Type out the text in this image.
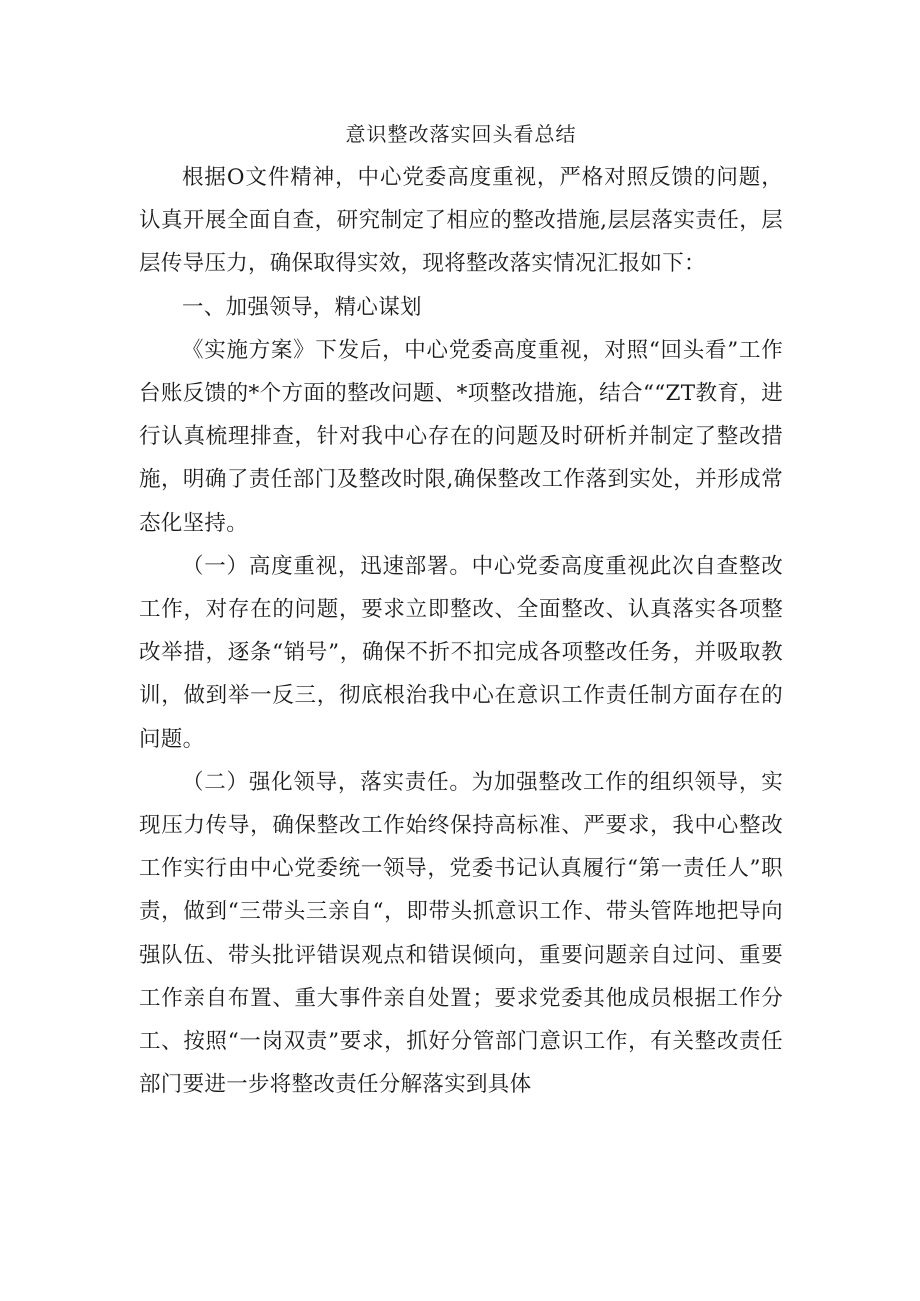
意识整改落实回头看总结

根据O文件精神，中心党委高度重视，严格对照反馈的问题，认真开展全面自查，研究制定了相应的整改措施,层层落实责任，层层传导压力，确保取得实效，现将整改落实情况汇报如下：

一、加强领导，精心谋划

《实施方案》下发后，中心党委高度重视，对照“回头看”工作台账反馈的*个方面的整改问题、*项整改措施，结合““ZT教育，进行认真梳理排查，针对我中心存在的问题及时研析并制定了整改措施，明确了责任部门及整改时限,确保整改工作落到实处，并形成常态化坚持。

（一）高度重视，迅速部署。中心党委高度重视此次自查整改工作，对存在的问题，要求立即整改、全面整改、认真落实各项整改举措，逐条“销号”，确保不折不扣完成各项整改任务，并吸取教训，做到举一反三，彻底根治我中心在意识工作责任制方面存在的问题。

（二）强化领导，落实责任。为加强整改工作的组织领导，实现压力传导，确保整改工作始终保持高标准、严要求，我中心整改工作实行由中心党委统一领导，党委书记认真履行“第一责任人”职责，做到“三带头三亲自“，即带头抓意识工作、带头管阵地把导向强队伍、带头批评错误观点和错误倾向，重要问题亲自过问、重要工作亲自布置、重大事件亲自处置；要求党委其他成员根据工作分工、按照“一岗双责”要求，抓好分管部门意识工作，有关整改责任部门要进一步将整改责任分解落实到具体
